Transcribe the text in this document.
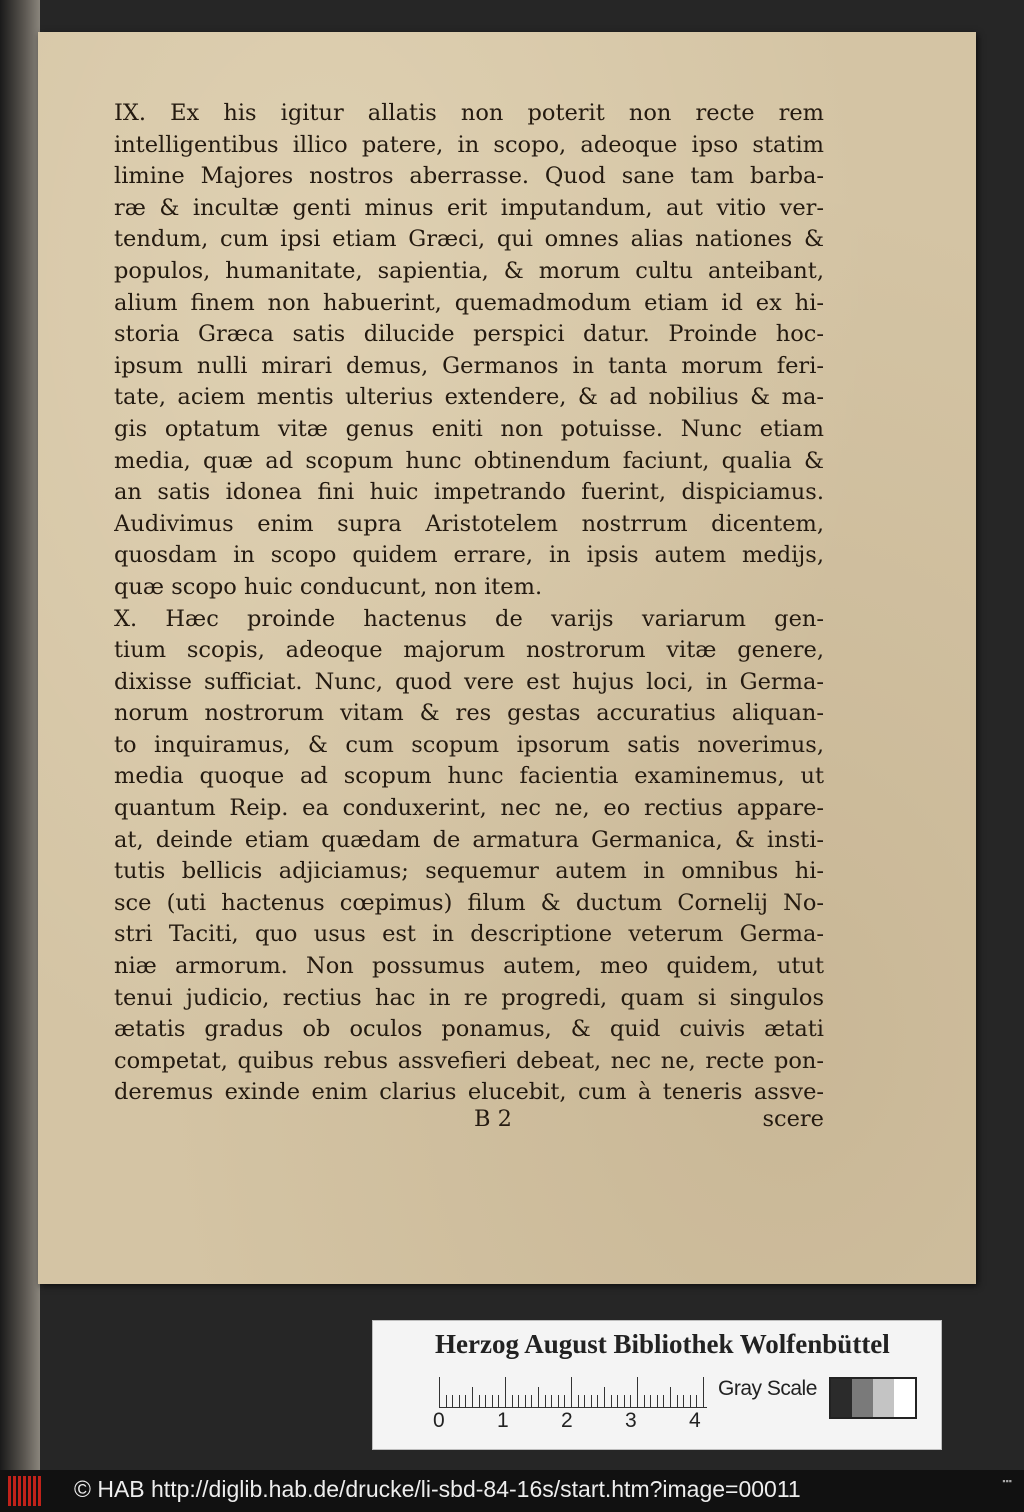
IX. Ex his igitur allatis non poterit non recte rem
intelligentibus illico patere, in scopo, adeoque ipso statim
limine Majores nostros aberrasse. Quod sane tam barba-
ræ & incultæ genti minus erit imputandum, aut vitio ver-
tendum, cum ipsi etiam Græci, qui omnes alias nationes &
populos, humanitate, sapientia, & morum cultu anteibant,
alium finem non habuerint, quemadmodum etiam id ex hi-
storia Græca satis dilucide perspici datur. Proinde hoc-
ipsum nulli mirari demus, Germanos in tanta morum feri-
tate, aciem mentis ulterius extendere, & ad nobilius & ma-
gis optatum vitæ genus eniti non potuisse. Nunc etiam
media, quæ ad scopum hunc obtinendum faciunt, qualia &
an satis idonea fini huic impetrando fuerint, dispiciamus.
Audivimus enim supra Aristotelem nostrrum dicentem,
quosdam in scopo quidem errare, in ipsis autem medijs,
quæ scopo huic conducunt, non item.
X. Hæc proinde hactenus de varijs variarum gen-
tium scopis, adeoque majorum nostrorum vitæ genere,
dixisse sufficiat. Nunc, quod vere est hujus loci, in Germa-
norum nostrorum vitam & res gestas accuratius aliquan-
to inquiramus, & cum scopum ipsorum satis noverimus,
media quoque ad scopum hunc facientia examinemus, ut
quantum Reip. ea conduxerint, nec ne, eo rectius appare-
at, deinde etiam quædam de armatura Germanica, & insti-
tutis bellicis adjiciamus; sequemur autem in omnibus hi-
sce (uti hactenus cœpimus) filum & ductum Cornelij No-
stri Taciti, quo usus est in descriptione veterum Germa-
niæ armorum. Non possumus autem, meo quidem, utut
tenui judicio, rectius hac in re progredi, quam si singulos
ætatis gradus ob oculos ponamus, & quid cuivis ætati
competat, quibus rebus assvefieri debeat, nec ne, recte pon-
deremus exinde enim clarius elucebit, cum à teneris assve-
B 2	scere
Herzog August Bibliothek Wolfenbüttel
0 1 2 3 4
Gray Scale
© HAB http://diglib.hab.de/drucke/li-sbd-84-16s/start.htm?image=00011	▪▪▪
